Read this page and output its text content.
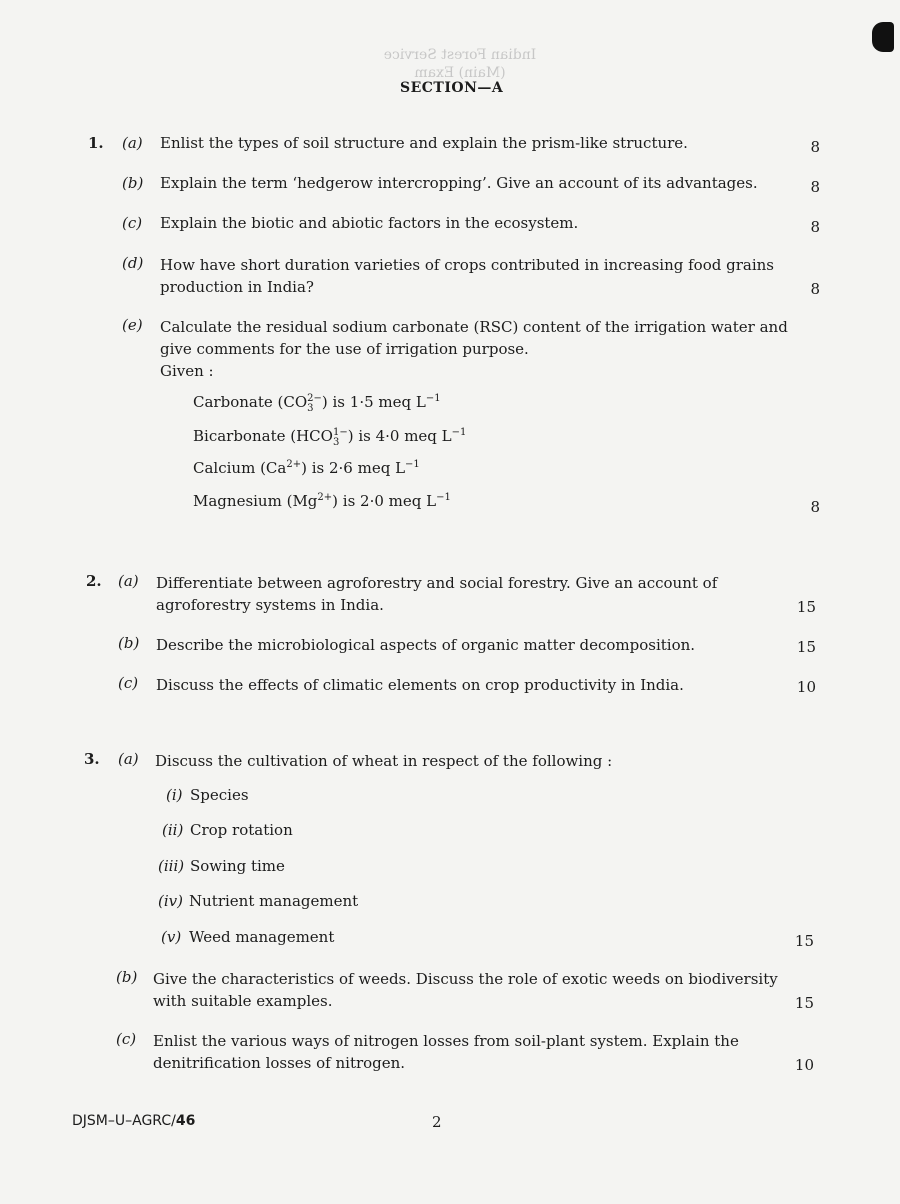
Indian Forest Service (Main) Exam
SECTION—A
1. (a) Enlist the types of soil structure and explain the prism-like structure.	8
(b) Explain the term ‘hedgerow intercropping’. Give an account of its advantages.	8
(c) Explain the biotic and abiotic factors in the ecosystem.	8
(d) How have short duration varieties of crops contributed in increasing food grains production in India?	8
(e) Calculate the residual sodium carbonate (RSC) content of the irrigation water and give comments for the use of irrigation purpose.
Given :
Carbonate (CO 2−
3 ) is 1·5 meq $L^{-1}$
Bicarbonate (HCO 1−
3 ) is 4·0 meq $L^{-1}$
Calcium $(Ca^{2+})$ is 2·6 meq $L^{-1}$
Magnesium $(Mg^{2+})$ is 2·0 meq $L^{-1}$
8
2. (a) Differentiate between agroforestry and social forestry. Give an account of agroforestry systems in India.	15
(b) Describe the microbiological aspects of organic matter decomposition.	15
(c) Discuss the effects of climatic elements on crop productivity in India.	10
3. (a) Discuss the cultivation of wheat in respect of the following :
(i) Species
(ii) Crop rotation
(iii) Sowing time
(iv) Nutrient management
(v) Weed management	15
(b) Give the characteristics of weeds. Discuss the role of exotic weeds on biodiversity with suitable examples.	15
(c) Enlist the various ways of nitrogen losses from soil-plant system. Explain the denitrification losses of nitrogen.	10
DJSM–U–AGRC/46	2
